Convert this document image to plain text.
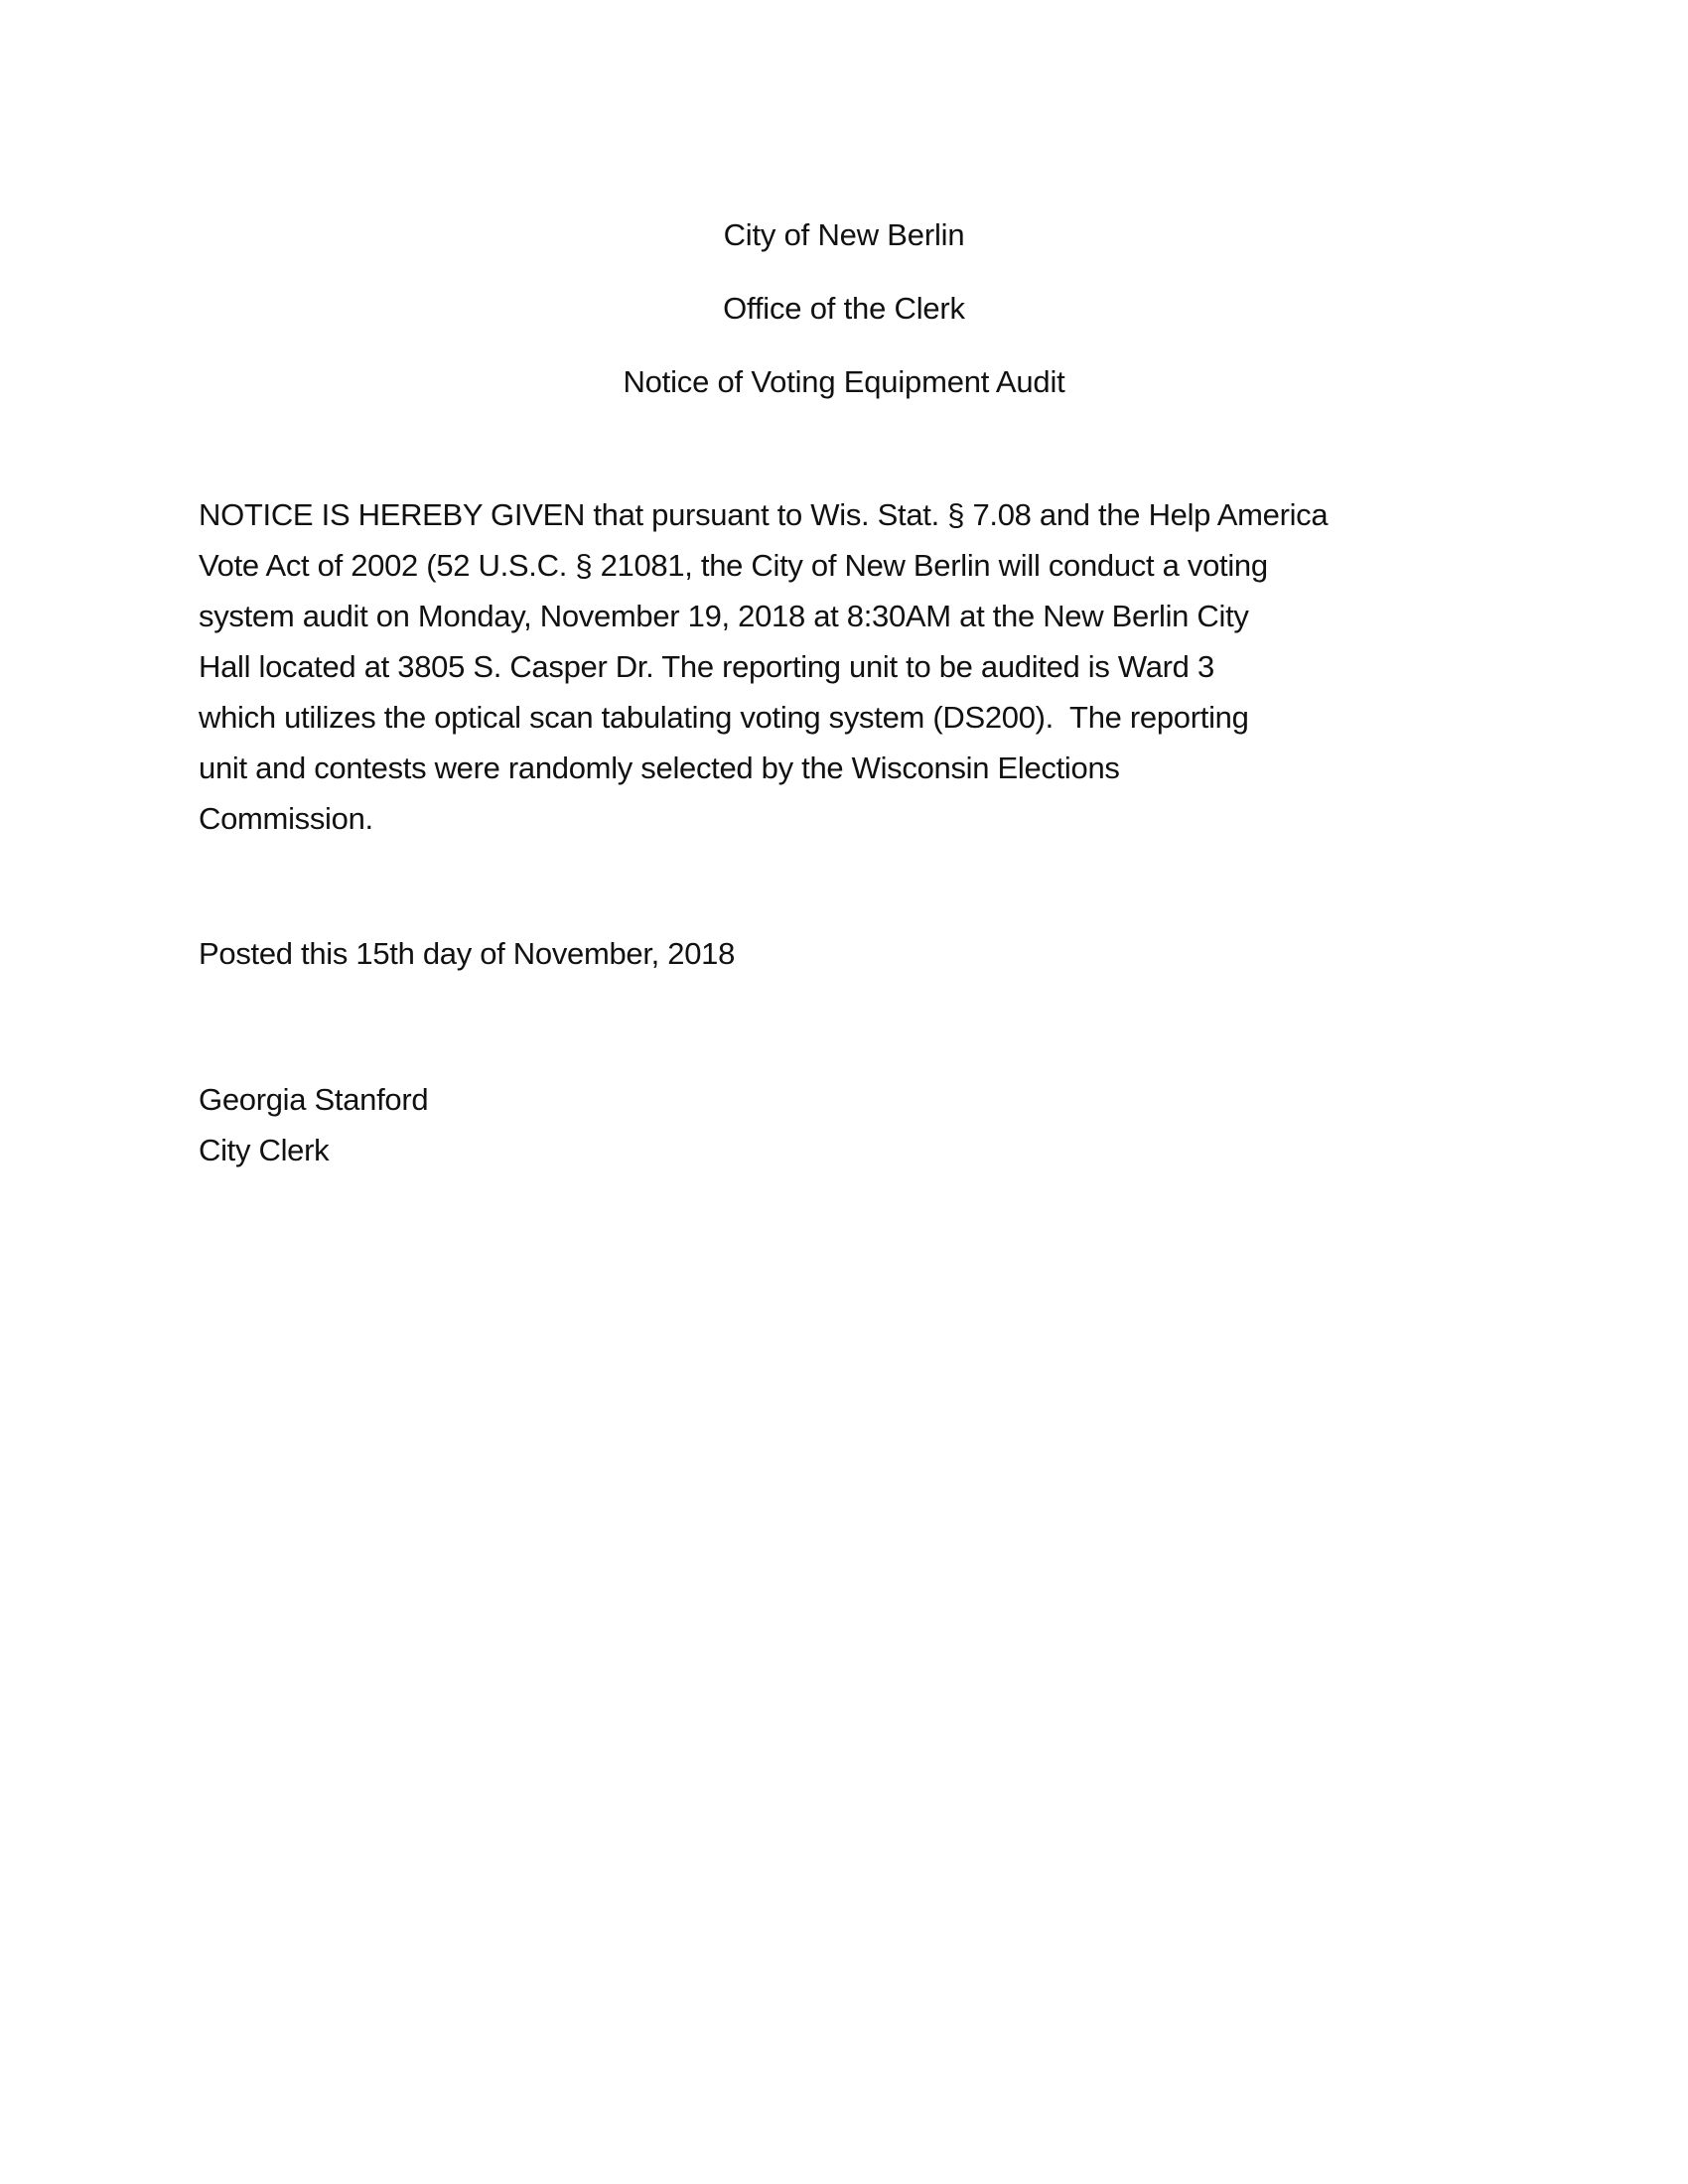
City of New Berlin
Office of the Clerk
Notice of Voting Equipment Audit
NOTICE IS HEREBY GIVEN that pursuant to Wis. Stat. § 7.08 and the Help America
Vote Act of 2002 (52 U.S.C. § 21081, the City of New Berlin will conduct a voting
system audit on Monday, November 19, 2018 at 8:30AM at the New Berlin City
Hall located at 3805 S. Casper Dr. The reporting unit to be audited is Ward 3
which utilizes the optical scan tabulating voting system (DS200).  The reporting
unit and contests were randomly selected by the Wisconsin Elections
Commission.
Posted this 15th day of November, 2018
Georgia Stanford
City Clerk
